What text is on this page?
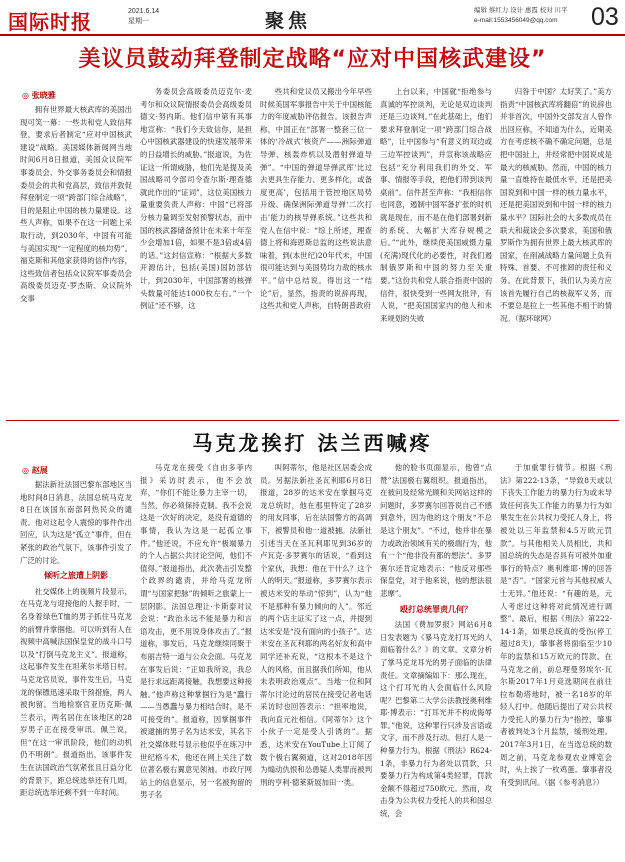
国际时报	2021.6.14
星期一	聚焦	编辑 蔡红力 设计 惠霞 校对 川平
e-mail:1553456049@qq.com	03
美议员鼓动拜登制定战略“应对中国核武建设”
◎ 张晓雅

拥有世界最大核武库的美国出现可笑一幕：一些共和党人致信拜登，要求后者制定“应对中国核武建设”战略。美国媒体新闻网当地时间6月8日报道，美国众议院军事委员会、外交事务委员会和情报委员会的共和党高层，致信并敦促拜登制定一项“跨部门综合战略”，目的是阻止中国的核力量建设。这些人声称，如果不在这一问题上采取行动，到2030年，中国有可能与美国实现“一定程度的核均势”。福克斯和其他家获得的信件内容，这些致信者包括众议院军事委员会高级委员迈克·罗杰斯、众议院外交事

务委员会高级委员迈克尔·麦考尔和众议院情报委员会高级委员德文·努内斯。他们信中第有其事地宣称：“我们今天致信你，是担心中国核武器建设的快速发展带来的日益增长的威胁。”报道说，为佐证这一所谓威胁，他们先是提及美国战略司令部司令查尔斯·理查德就此作出的“证词”，这位美国核力量重要负责人声称：中国“已将部分核力量调至发射预警状态，而中国的核武器储备预计在未来十年至少会增加1倍，如果不是3倍或4倍的话。”这封信宣称：“根据大多数开源估计，包括(美国)国防部估计，到2030年，中国部署的核弹头数量可能达1000枚左右。”一个例证“还不够，这

些共和党议员又搬出今年早些时候美国军事报告中关于中国核能力的年度威胁评估报告。该报告声称，中国正在“部署一整套三位一体的‘冷战式’核资产——洲际弹道导弹、核轰炸机以及潜射弹道导弹”。“中国的弹道导弹武库‘比过去更具生存能力、更多样化，或备度更高’，包括用于管控地区局势升级、确保洲际弹道导弹‘二次打击’能力的核导弹系统。”这些共和党人在信中说：“综上所述，理查德上将和海恩斯总监的这些说法意味着，到(本世纪)20年代末，中国很可能达到与美国势均力敌的核水平。”信中总结说。得出这一“结论”后，显然，指责的说辞再现，这些共和党人声称，自特朗普政府

上台以来，中国就“拒绝参与真诚的军控谈判，无论是双边谈判还是三边谈判。”在此基础上，他们要求拜登制定一项“跨部门综合战略”，让中国参与“有意义的双边或三边军控谈判”，并宣称该战略应包括“充分利用我们的外交、军事、情报等手段，把他们带到谈判桌前”。信件甚至声称：“我相信你也同意，遏制中国军备扩张的时机就是现在，而不是在他们部署到新的系统、大幅扩大库存规模之后。”“此外，继续使美国威慑力量(充满)现代化的必要性，对我们遏制俄罗斯和中国的努力至关重要。”这份共和党人联合指责中国的信件，很快受到一些网友批评，有人说，“把美国国家内的他人和未来规划的失败

归咎于中国？太好笑了。”美方指责“中国核武库将翻倍”的说辞也并非首次，中国外交部发言人曾作出回应称，不知道为什么，近期美方在考虑核不确不确定问题，总是把中国扯上，并经常把中国说成是最大的核威胁。然而，中国的核力量一直维持在最低水平，还是把美国说到和中国一样的核力量水平，还是把美国说到和中国一样的核力量水平？国际社会的大多数成员在联大和裁谈会多次要求，美国和俄罗斯作为拥有世界上最大核武库的国家，在削减战略力量问题上负有特殊、首要、不可推卸的责任和义务。在此背景下，我们认为美方应该首先履行自己的核裁军义务，而不要总是拉上一些其他不相干的情况。（据环球网）

马克龙挨打 法兰西喊疼
◎ 赵展

据法新社法国巴黎东部地区当地时间8日消息，法国总统马克龙8日在该国东南部阿热民众的谴责。他对这起令人震惊的事件作出回应，认为这是“孤立”事件，但在紧张的政治气氛下，该事件引发了广泛的讨论。

倾听之旅遭上阴影

社交媒体上的视频片段显示，在马克龙与迎接他的人握手时，一名身着绿色T恤的男子抓住马克龙的前臂并掌掴他。可以听到有人在视频中高喊法国保皇党的战斗口号以及“打倒马克龙主义”。报道称，这起事件发生在坦莱尔米塔日村。马克龙官员说，事件发生后，马克龙的保镖迅速采取干预措施，两人被拘留。当地检察官亚历克斯·佩兰表示，两名居住在该地区的28岁男子正在接受审讯。佩兰说，但“在这一审讯阶段，他们的动机仍不明朗”。报道指出，该事件发生在法国政治气氛紧张且日益分化的背景下，距总统选举还有几周，距总统选举还剩不到一年时间。

马克龙在接受《自由多菲内报》采访时表示，他不会放弃，“你们不能让暴力主宰一切，当然，你必须保持克制。我不会说这是一次好的决定，是没有道德的事情，我认为这是一起孤立事件。”他还说，不应允许“极端暴力的个人占据公共讨论空间，他们不值得。”报道指出，此次袭击引发整个政界的谴责，并给马克龙所谓“与国家把脉”的倾听之旅蒙上一层阴影。法国总理让·卡斯泰对议会说：“政治永远不能是暴力和言语攻击，更不用说身体攻击了。”报道称，事发后，马克龙继续同聚于布丽吉特一道与公众会面。马克龙在事发后说：“正如我所说，我总是行求远距离接触，我想要这种接触。”他声称这种掌掴行为是“蠢行——当愚蠢与暴力相结合时，是不可接受的”。报道称，因掌掴事件被逮捕的男子名为达米安，其名下社交媒体账号显示他似乎在练习中世纪格斗术，他还在网上关注了数位著名极右翼意见领袖。市政厅网站上的信息显示，另一名被拘留的男子名

叫阿蒂尔，他是社区居委会成员。另据法新社圣瓦利耶6月8日报道，28岁的达米安在掌掴马克龙总统时，他在那里特定了28岁的用友同事，后在法国警方的高调下，被警员和他一道被捕。法新社引述当天在圣瓦利耶见到36岁的卢瓦克·多罗赛尔的话说，“看到这个家伙，我想：他在干什么？这个人的明天。”报道称，多罗赛尔表示被达米安的举动“惊到”，认为“他不是那种有暴力倾向的人”。邻近的两个店主证实了这一点，并提到达米安是“没有面向的小孩子”。达米安在圣瓦利耶的两名好友和高中同学还补充说，“这根本不是这个人的风格，而且据我们所知，他从未表明政治观点”。当地一位和阿蒂尔讨论过的居民在接受记者电话采访时也回答表示：“担率地说，我向直元社相信。《阿蒂尔》这个小伙子一定是受人引诱的”。据悉，达米安在YouTube上订阅了数个极右翼频道，这对2018年因为煽动仇恨和怂恿疑人类罪而被判刑的亨利·德莱斯展加田一类。

他的脸书页面显示，他曾“点赞”法国极右翼组织。报道指出，在被问及经常光顾和关网站这样的问题时，多罗赛尔回答说自己不感到意外，因为他的这个朋友“不总是这个朋友”。“不过，他并非在暴力或政治领域有关的极端行为，他有一个“他非没有都的想法”。多罗赛尔还肯定地表示：“他反对那些保皇党，对于他来说，他的想法很悲摩”。

殴打总统罪责几何？

法国《费加罗报》网站6月8日发表题为《暴马克龙打耳光的人面临着什么？》的文章。文章分析了掌马克龙耳光的男子面临的法律责任。文章摘编如下：那么现在，这个打耳光的人会面临什么风险呢？巴黎第二大学公法教授奥利维耶·博表示：“打耳光并不构成侮辱罪。”他说，这种罪行只涉及言语或文字，而不涉及行动。但打人是一种暴力行为。根据《刑法》R624-1条，非暴力行为者处以罚款，只要暴力行为构成第4类轻罪，罚款金额不得超过750欧元。然而，攻击身为公共权力受托人的共和国总统，会

于加重罪行情节。根据《刑法》第222-13条，“导致8天或以下丧失工作能力的暴力行为或未导致任何丧失工作能力的暴力行为如果发生在公共权力受托人身上，将被处以三年监禁和4.5万欧元罚款”。与其他相关人员相比，共和国总统的失态是否具有可被外加重事行的特点？奥利维耶·博的回答是“否”。“国家元首与其他权威人士无异。”他还说：“有趣的是，元人考虑过这种将对此情况进行调整”。最后，根据《刑法》第222-14-1条，如果总统真的受伤(停工超过8天)，肇事者将面临至少10年的监禁和15万欧元的罚款。在马克龙之前，前总理曼努埃尔·瓦尔斯2017年1月竞选期间在前往拉布勒塔地时，被一名18岁的年轻人打中。他随后提出了对公共权力受托人的暴力行为“指控，肇事者被判处3个月监禁，缓刑处理。2017年3月1日，在当选总统的数周之前，马克龙参观农业博览会时，头上挨了一枚鸡蛋。肇事者没有受到讯问。（据《参考消息》）
